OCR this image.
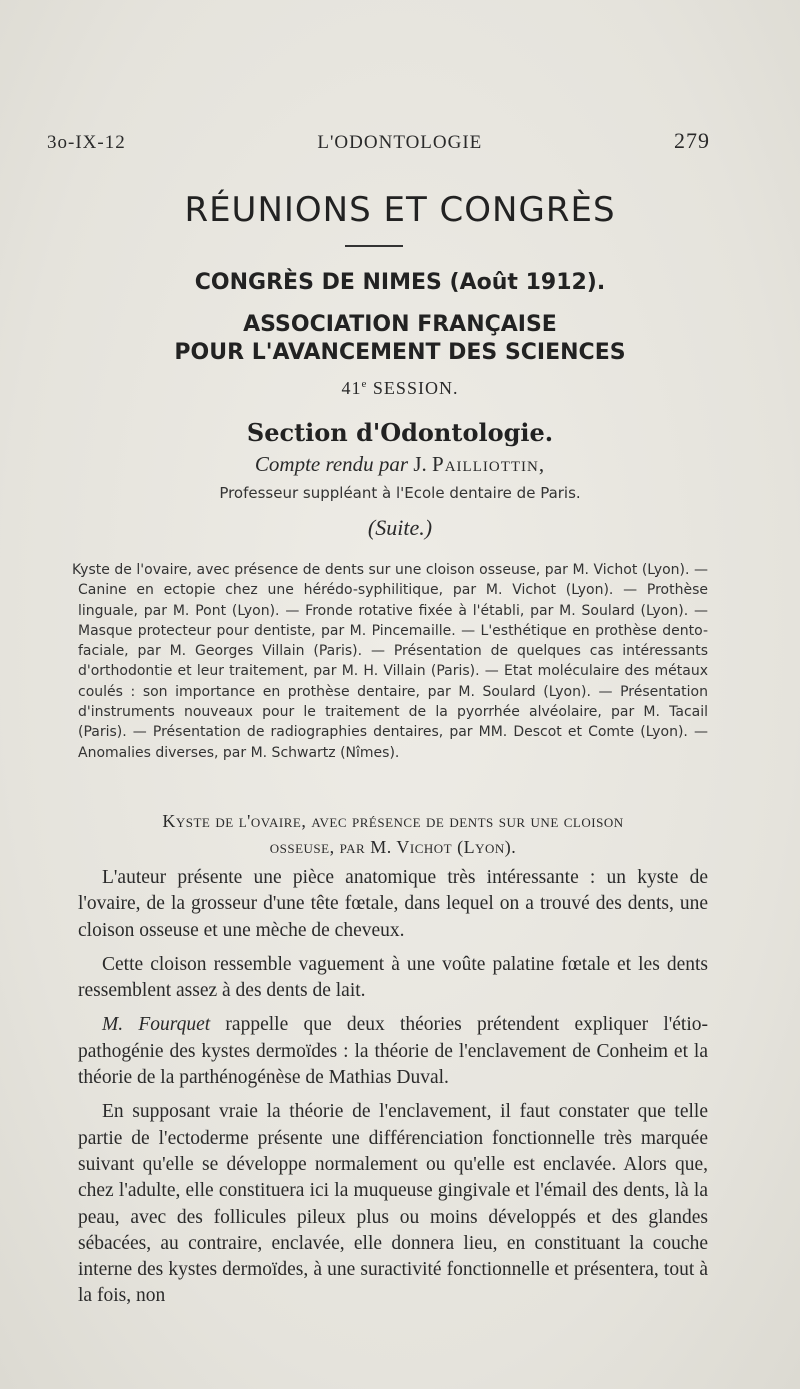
3o-IX-12	L'ODONTOLOGIE	279
RÉUNIONS ET CONGRÈS
CONGRÈS DE NIMES (Août 1912).
ASSOCIATION FRANÇAISE
POUR L'AVANCEMENT DES SCIENCES
41e SESSION.
Section d'Odontologie.
Compte rendu par J. Pailliottin,
Professeur suppléant à l'Ecole dentaire de Paris.
(Suite.)

Kyste de l'ovaire, avec présence de dents sur une cloison osseuse, par M. Vichot (Lyon). — Canine en ectopie chez une hérédo-syphilitique, par M. Vichot (Lyon). — Prothèse linguale, par M. Pont (Lyon). — Fronde rotative fixée à l'établi, par M. Soulard (Lyon). — Masque protecteur pour dentiste, par M. Pincemaille. — L'esthétique en prothèse dento-faciale, par M. Georges Villain (Paris). — Présentation de quelques cas intéressants d'orthodontie et leur traitement, par M. H. Villain (Paris). — Etat moléculaire des métaux coulés : son importance en prothèse dentaire, par M. Soulard (Lyon). — Présentation d'instruments nouveaux pour le traitement de la pyorrhée alvéolaire, par M. Tacail (Paris). — Présentation de radiographies dentaires, par MM. Descot et Comte (Lyon). — Anomalies diverses, par M. Schwartz (Nîmes).

Kyste de l'ovaire, avec présence de dents sur une cloison
osseuse, par M. Vichot (Lyon).

L'auteur présente une pièce anatomique très intéressante : un kyste de l'ovaire, de la grosseur d'une tête fœtale, dans lequel on a trouvé des dents, une cloison osseuse et une mèche de cheveux.

Cette cloison ressemble vaguement à une voûte palatine fœtale et les dents ressemblent assez à des dents de lait.

M. Fourquet rappelle que deux théories prétendent expliquer l'étio-pathogénie des kystes dermoïdes : la théorie de l'enclavement de Conheim et la théorie de la parthénogénèse de Mathias Duval.

En supposant vraie la théorie de l'enclavement, il faut constater que telle partie de l'ectoderme présente une différenciation fonctionnelle très marquée suivant qu'elle se développe normalement ou qu'elle est enclavée. Alors que, chez l'adulte, elle constituera ici la muqueuse gingivale et l'émail des dents, là la peau, avec des follicules pileux plus ou moins développés et des glandes sébacées, au contraire, enclavée, elle donnera lieu, en constituant la couche interne des kystes dermoïdes, à une suractivité fonctionnelle et présentera, tout à la fois, non
